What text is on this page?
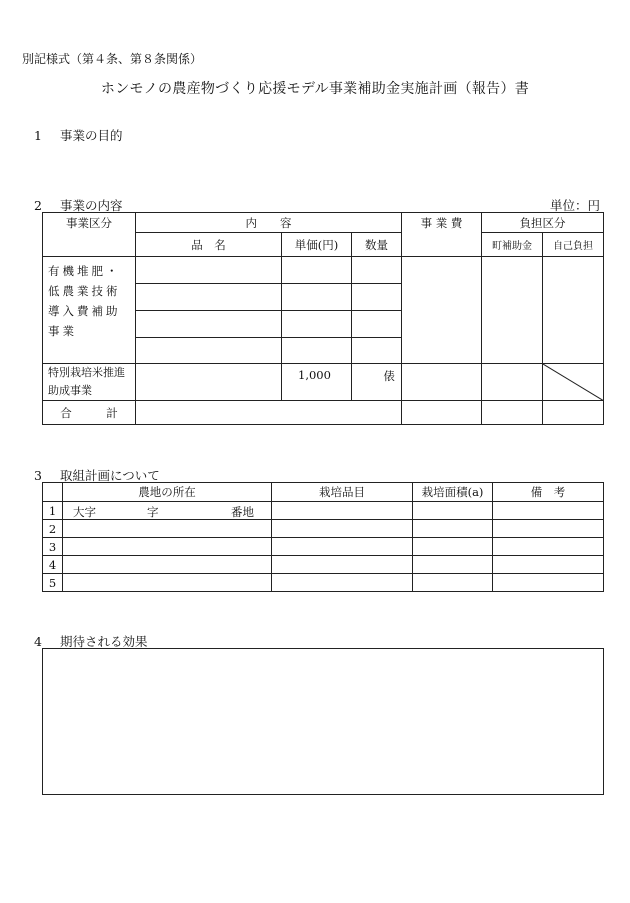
別記様式（第４条、第８条関係）
ホンモノの農産物づくり応援モデル事業補助金実施計画（報告）書
1 事業の目的
2 事業の内容	単位：円
事業区分	内　　容			事 業 費	負担区分	
	品　名	単価(円)	数量		町補助金	自己負担
有機堆肥・低農業技術導入費補助事業						

特別栽培米推進助成事業		1,000	俵			

合　　　計						
3 取組計画について
	農地の所在	栽培品目	栽培面積(a)	備　考
1	大字 字 番地			

2				
3				
4				
5				
4 期待される効果
